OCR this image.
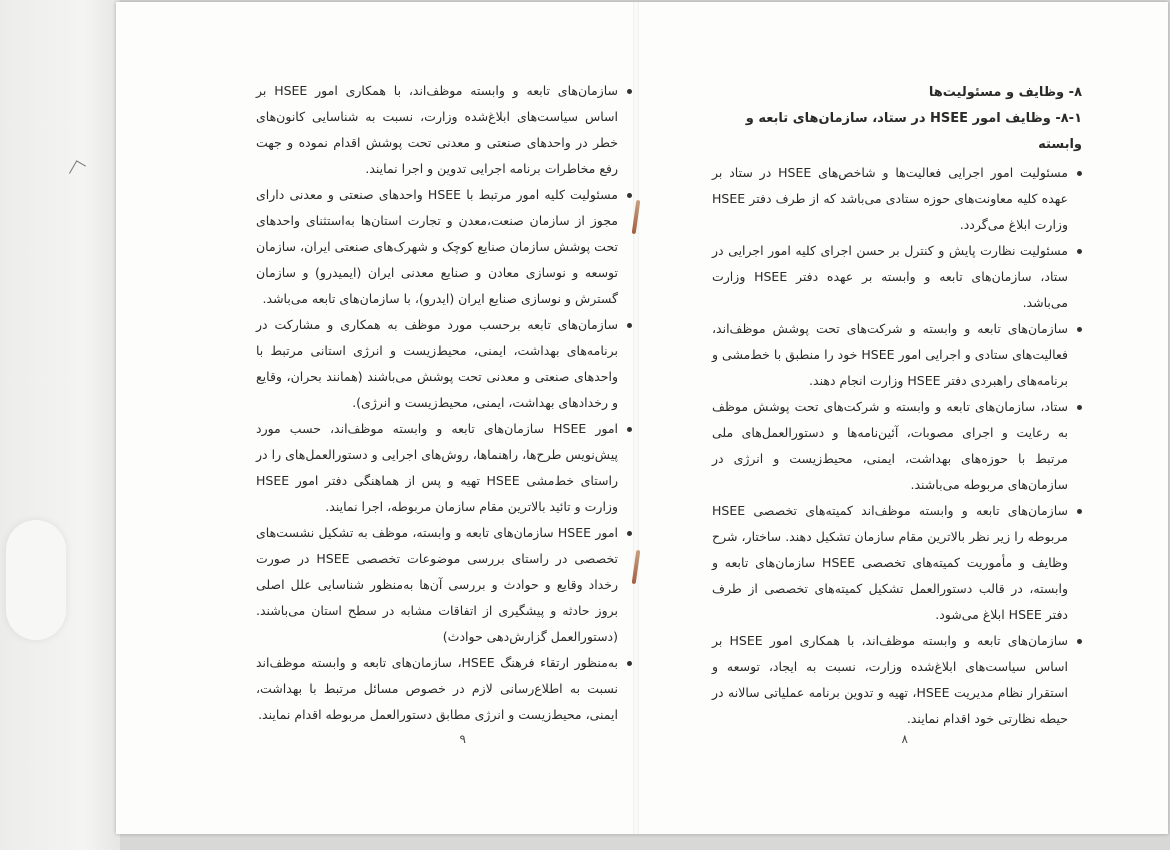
سازمان‌های تابعه و وابسته موظف‌اند، با همکاری امور HSEE بر اساس سیاست‌های ابلاغ‌شده وزارت، نسبت به شناسایی کانون‌های خطر در واحدهای صنعتی و معدنی تحت پوشش اقدام نموده و جهت رفع مخاطرات برنامه اجرایی تدوین و اجرا نمایند.
مسئولیت کلیه امور مرتبط با HSEE واحدهای صنعتی و معدنی دارای مجوز از سازمان صنعت،معدن و تجارت استان‌ها به‌استثنای واحدهای تحت پوشش سازمان صنایع کوچک و شهرک‌های صنعتی ایران، سازمان توسعه و نوسازی معادن و صنایع معدنی ایران (ایمیدرو) و سازمان گسترش و نوسازی صنایع ایران (ایدرو)، با سازمان‌های تابعه می‌باشد.
سازمان‌های تابعه برحسب مورد موظف به همکاری و مشارکت در برنامه‌های بهداشت، ایمنی، محیط‌زیست و انرژی استانی مرتبط با واحدهای صنعتی و معدنی تحت پوشش می‌باشند (همانند بحران، وقایع و رخدادهای بهداشت، ایمنی، محیط‌زیست و انرژی).
امور HSEE سازمان‌های تابعه و وابسته موظف‌اند، حسب مورد پیش‌نویس طرح‌ها، راهنماها، روش‌های اجرایی و دستورالعمل‌های را در راستای خط‌مشی HSEE تهیه و پس از هماهنگی دفتر امور HSEE وزارت و تائید بالاترین مقام سازمان مربوطه، اجرا نمایند.
امور HSEE سازمان‌های تابعه و وابسته، موظف به تشکیل نشست‌های تخصصی در راستای بررسی موضوعات تخصصی HSEE در صورت رخداد وقایع و حوادث و بررسی آن‌ها به‌منظور شناسایی علل اصلی بروز حادثه و پیشگیری از اتفاقات مشابه در سطح استان می‌باشند. (دستورالعمل گزارش‌دهی حوادث)
به‌منظور ارتقاء فرهنگ HSEE، سازمان‌های تابعه و وابسته موظف‌اند نسبت به اطلاع‌رسانی لازم در خصوص مسائل مرتبط با بهداشت، ایمنی، محیط‌زیست و انرژی مطابق دستورالعمل مربوطه اقدام نمایند.
۹
۸- وظایف و مسئولیت‌ها
۸-۱- وظایف امور HSEE در ستاد، سازمان‌های تابعه و وابسته
مسئولیت امور اجرایی فعالیت‌ها و شاخص‌های HSEE در ستاد بر عهده کلیه معاونت‌های حوزه ستادی می‌باشد که از طرف دفتر HSEE وزارت ابلاغ می‌گردد.
مسئولیت نظارت پایش و کنترل بر حسن اجرای کلیه امور اجرایی در ستاد، سازمان‌های تابعه و وابسته بر عهده دفتر HSEE وزارت می‌باشد.
سازمان‌های تابعه و وابسته و شرکت‌های تحت پوشش موظف‌اند، فعالیت‌های ستادی و اجرایی امور HSEE خود را منطبق با خط‌مشی و برنامه‌های راهبردی دفتر HSEE وزارت انجام دهند.
ستاد، سازمان‌های تابعه و وابسته و شرکت‌های تحت پوشش موظف به رعایت و اجرای مصوبات، آئین‌نامه‌ها و دستورالعمل‌های ملی مرتبط با حوزه‌های بهداشت، ایمنی، محیط‌زیست و انرژی در سازمان‌های مربوطه می‌باشند.
سازمان‌های تابعه و وابسته موظف‌اند کمیته‌های تخصصی HSEE مربوطه را زیر نظر بالاترین مقام سازمان تشکیل دهند. ساختار، شرح وظایف و مأموریت کمیته‌های تخصصی HSEE سازمان‌های تابعه و وابسته، در قالب دستورالعمل تشکیل کمیته‌های تخصصی از طرف دفتر HSEE ابلاغ می‌شود.
سازمان‌های تابعه و وابسته موظف‌اند، با همکاری امور HSEE بر اساس سیاست‌های ابلاغ‌شده وزارت، نسبت به ایجاد، توسعه و استقرار نظام مدیریت HSEE، تهیه و تدوین برنامه عملیاتی سالانه در حیطه نظارتی خود اقدام نمایند.
۸
